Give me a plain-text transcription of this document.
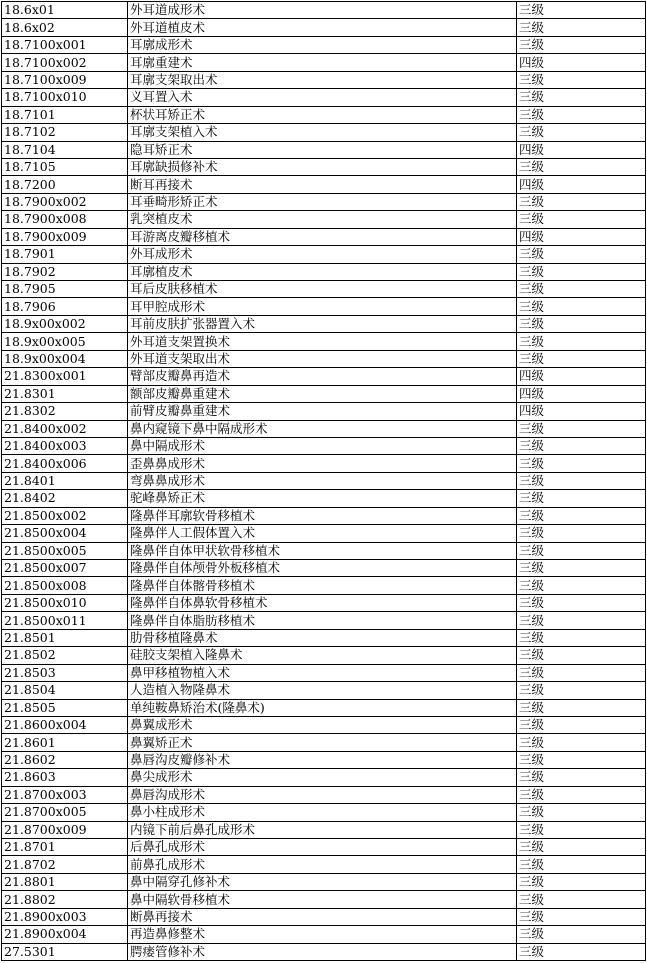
18.6x01	外耳道成形术	三级
18.6x02	外耳道植皮术	三级
18.7100x001	耳廓成形术	三级
18.7100x002	耳廓重建术	四级
18.7100x009	耳廓支架取出术	三级
18.7100x010	义耳置入术	三级
18.7101	杯状耳矫正术	三级
18.7102	耳廓支架植入术	三级
18.7104	隐耳矫正术	四级
18.7105	耳廓缺损修补术	三级
18.7200	断耳再接术	四级
18.7900x002	耳垂畸形矫正术	三级
18.7900x008	乳突植皮术	三级
18.7900x009	耳游离皮瓣移植术	四级
18.7901	外耳成形术	三级
18.7902	耳廓植皮术	三级
18.7905	耳后皮肤移植术	三级
18.7906	耳甲腔成形术	三级
18.9x00x002	耳前皮肤扩张器置入术	三级
18.9x00x005	外耳道支架置换术	三级
18.9x00x004	外耳道支架取出术	三级
21.8300x001	臂部皮瓣鼻再造术	四级
21.8301	额部皮瓣鼻重建术	四级
21.8302	前臂皮瓣鼻重建术	四级
21.8400x002	鼻内窥镜下鼻中隔成形术	三级
21.8400x003	鼻中隔成形术	三级
21.8400x006	歪鼻鼻成形术	三级
21.8401	弯鼻鼻成形术	三级
21.8402	驼峰鼻矫正术	三级
21.8500x002	隆鼻伴耳廓软骨移植术	三级
21.8500x004	隆鼻伴人工假体置入术	三级
21.8500x005	隆鼻伴自体甲状软骨移植术	三级
21.8500x007	隆鼻伴自体颅骨外板移植术	三级
21.8500x008	隆鼻伴自体髂骨移植术	三级
21.8500x010	隆鼻伴自体鼻软骨移植术	三级
21.8500x011	隆鼻伴自体脂肪移植术	三级
21.8501	肋骨移植隆鼻术	三级
21.8502	硅胶支架植入隆鼻术	三级
21.8503	鼻甲移植物植入术	三级
21.8504	人造植入物隆鼻术	三级
21.8505	单纯鞍鼻矫治术(隆鼻术)	三级
21.8600x004	鼻翼成形术	三级
21.8601	鼻翼矫正术	三级
21.8602	鼻唇沟皮瓣修补术	三级
21.8603	鼻尖成形术	三级
21.8700x003	鼻唇沟成形术	三级
21.8700x005	鼻小柱成形术	三级
21.8700x009	内镜下前后鼻孔成形术	三级
21.8701	后鼻孔成形术	三级
21.8702	前鼻孔成形术	三级
21.8801	鼻中隔穿孔修补术	三级
21.8802	鼻中隔软骨移植术	三级
21.8900x003	断鼻再接术	三级
21.8900x004	再造鼻修整术	三级
27.5301	腭瘘管修补术	三级
